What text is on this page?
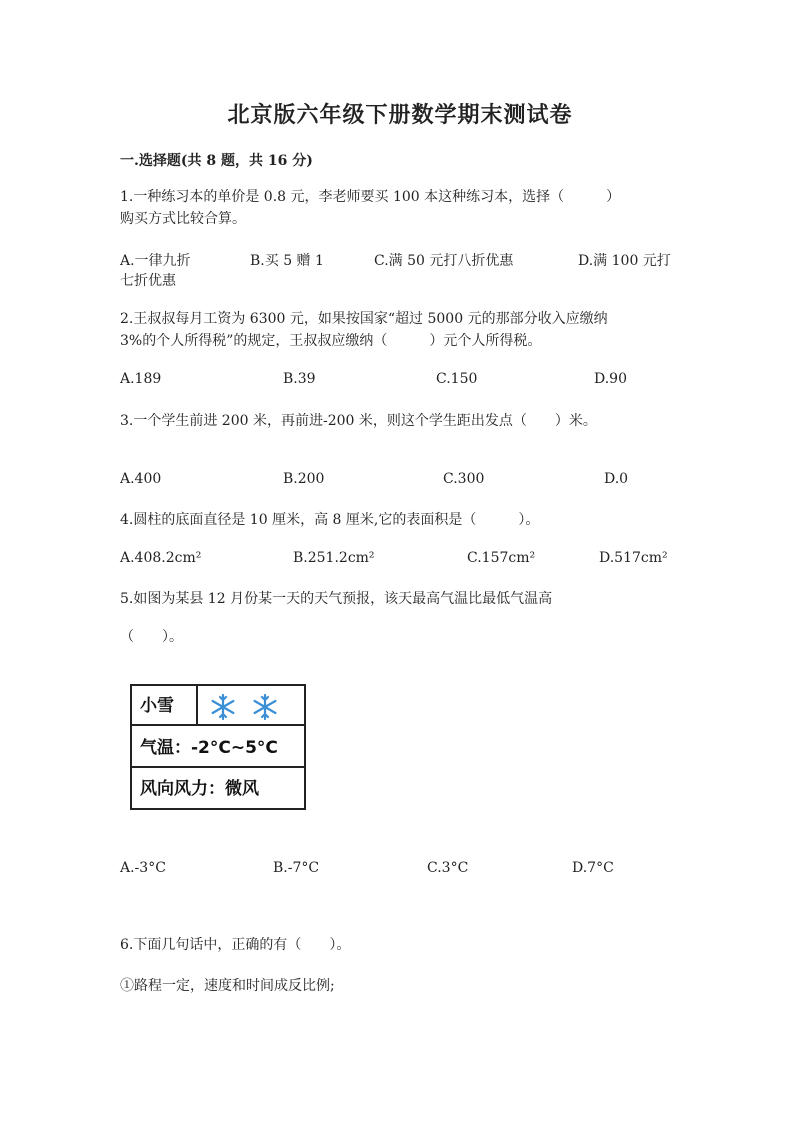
北京版六年级下册数学期末测试卷
一.选择题(共 8 题，共 16 分)
1.一种练习本的单价是 0.8 元，李老师要买 100 本这种练习本，选择（　　　）
购买方式比较合算。
A.一律九折	B.买 5 赠 1	C.满 50 元打八折优惠	D.满 100 元打
七折优惠
2.王叔叔每月工资为 6300 元，如果按国家“超过 5000 元的那部分收入应缴纳
3%的个人所得税”的规定，王叔叔应缴纳（　　　）元个人所得税。
A.189	B.39	C.150	D.90
3.一个学生前进 200 米，再前进-200 米，则这个学生距出发点（　　）米。
A.400	B.200	C.300	D.0
4.圆柱的底面直径是 10 厘米，高 8 厘米,它的表面积是（　　　）。
A.408.2cm²	B.251.2cm²	C.157cm²	D.517cm²
5.如图为某县 12 月份某一天的天气预报，该天最高气温比最低气温高
（　　）。
小雪
气温：-2°C~5°C
风向风力：微风
A.-3°C	B.-7°C	C.3°C	D.7°C
6.下面几句话中，正确的有（　　）。
①路程一定，速度和时间成反比例;
